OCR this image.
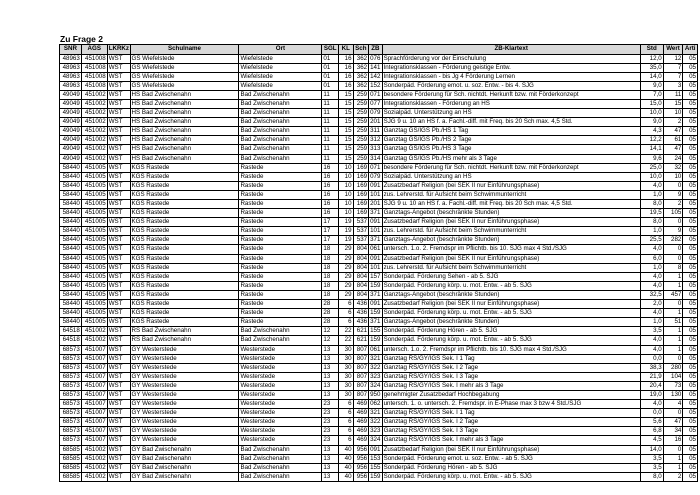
Zu Frage 2
SNR	AGS	LKRKz	Schulname	Ort	SGL	KL	Sch	ZB	ZB-Klartext	Std	Wert	Arti
48963	451008	WST	GS Wiefelstede	Wiefelstede	01	16	362	076	Sprachförderung vor der Einschulung	12,0	12	05
48963	451008	WST	GS Wiefelstede	Wiefelstede	01	16	362	141	Integrationsklassen - Förderung geistige Entw.	35,0	7	05
48963	451008	WST	GS Wiefelstede	Wiefelstede	01	16	362	142	Integrationsklassen - bis Jg 4 Förderung Lernen	14,0	7	05
48963	451008	WST	GS Wiefelstede	Wiefelstede	01	16	362	152	Sonderpäd. Förderung emot. u. soz. Entw. - bis 4. SJG	9,0	3	05
49049	451002	WST	HS Bad Zwischenahn	Bad Zwischenahn	11	15	259	071	besondere Förderung für Sch. nichtdt. Herkunft bzw. mit Förderkonzept	7,0	11	05
49049	451002	WST	HS Bad Zwischenahn	Bad Zwischenahn	11	15	259	077	Integrationsklassen - Förderung an HS	15,0	15	05
49049	451002	WST	HS Bad Zwischenahn	Bad Zwischenahn	11	15	259	079	Sozialpäd. Unterstützung an HS	10,0	10	05
49049	451002	WST	HS Bad Zwischenahn	Bad Zwischenahn	11	15	259	201	SJG 9 u. 10 an HS f. a. Fachl.-diff. mit Freq. bis 20 Sch max. 4,5 Std.	9,0	2	05
49049	451002	WST	HS Bad Zwischenahn	Bad Zwischenahn	11	15	259	311	Ganztag GS/IGS Pb./HS 1 Tag	4,3	47	05
49049	451002	WST	HS Bad Zwischenahn	Bad Zwischenahn	11	15	259	312	Ganztag GS/IGS Pb./HS 2 Tage	12,2	61	05
49049	451002	WST	HS Bad Zwischenahn	Bad Zwischenahn	11	15	259	313	Ganztag GS/IGS Pb./HS 3 Tage	14,1	47	05
49049	451002	WST	HS Bad Zwischenahn	Bad Zwischenahn	11	15	259	314	Ganztag GS/IGS Pb./HS mehr als 3 Tage	9,6	24	05
58440	451005	WST	KGS Rastede	Rastede	16	10	169	071	besondere Förderung für Sch. nichtdt. Herkunft bzw. mit Förderkonzept	25,0	32	05
58440	451005	WST	KGS Rastede	Rastede	16	10	169	079	Sozialpäd. Unterstützung an HS	10,0	10	05
58440	451005	WST	KGS Rastede	Rastede	16	10	169	091	Zusatzbedarf Religion (bei SEK II nur Einführungsphase)	4,0	0	05
58440	451005	WST	KGS Rastede	Rastede	16	10	169	101	zus. Lehrerstd. für Aufsicht beim Schwimmunterricht	1,0	9	05
58440	451005	WST	KGS Rastede	Rastede	16	10	169	201	SJG 9 u. 10 an HS f. a. Fachl.-diff. mit Freq. bis 20 Sch max. 4,5 Std.	8,0	2	05
58440	451005	WST	KGS Rastede	Rastede	16	10	169	371	Ganztags-Angebot (beschränkte Stunden)	19,5	105	05
58440	451005	WST	KGS Rastede	Rastede	17	19	537	091	Zusatzbedarf Religion (bei SEK II nur Einführungsphase)	8,0	0	05
58440	451005	WST	KGS Rastede	Rastede	17	19	537	101	zus. Lehrerstd. für Aufsicht beim Schwimmunterricht	1,0	9	05
58440	451005	WST	KGS Rastede	Rastede	17	19	537	371	Ganztags-Angebot (beschränkte Stunden)	25,5	282	05
58440	451005	WST	KGS Rastede	Rastede	18	29	804	061	untersch. 1.o. 2. Fremdspr im Pflichtb. bis 10. SJG max 4 Std./SJG	4,0	0	05
58440	451005	WST	KGS Rastede	Rastede	18	29	804	091	Zusatzbedarf Religion (bei SEK II nur Einführungsphase)	6,0	0	05
58440	451005	WST	KGS Rastede	Rastede	18	29	804	101	zus. Lehrerstd. für Aufsicht beim Schwimmunterricht	1,0	8	05
58440	451005	WST	KGS Rastede	Rastede	18	29	804	157	Sonderpäd. Förderung Sehen - ab 5. SJG	4,0	1	05
58440	451005	WST	KGS Rastede	Rastede	18	29	804	159	Sonderpäd. Förderung körp. u. mot. Entw. - ab 5. SJG	4,0	1	05
58440	451005	WST	KGS Rastede	Rastede	18	29	804	371	Ganztags-Angebot (beschränkte Stunden)	32,5	457	05
58440	451005	WST	KGS Rastede	Rastede	28	6	436	091	Zusatzbedarf Religion (bei SEK II nur Einführungsphase)	2,0	0	05
58440	451005	WST	KGS Rastede	Rastede	28	6	436	159	Sonderpäd. Förderung körp. u. mot. Entw. - ab 5. SJG	4,0	1	05
58440	451005	WST	KGS Rastede	Rastede	28	6	436	371	Ganztags-Angebot (beschränkte Stunden)	1,0	51	05
64518	451002	WST	RS Bad Zwischenahn	Bad Zwischenahn	12	22	621	155	Sonderpäd. Förderung Hören - ab 5. SJG	3,5	1	05
64518	451002	WST	RS Bad Zwischenahn	Bad Zwischenahn	12	22	621	159	Sonderpäd. Förderung körp. u. mot. Entw. - ab 5. SJG	4,0	1	05
68573	451007	WST	GY Westerstede	Westerstede	13	30	807	061	untersch. 1.o. 2. Fremdspr im Pflichtb. bis 10. SJG max 4 Std./SJG	4,0	1	05
68573	451007	WST	GY Westerstede	Westerstede	13	30	807	321	Ganztag RS/GY/IGS Sek. I 1 Tag	0,0	0	05
68573	451007	WST	GY Westerstede	Westerstede	13	30	807	322	Ganztag RS/GY/IGS Sek. I 2 Tage	38,3	280	05
68573	451007	WST	GY Westerstede	Westerstede	13	30	807	323	Ganztag RS/GY/IGS Sek. I 3 Tage	21,9	104	05
68573	451007	WST	GY Westerstede	Westerstede	13	30	807	324	Ganztag RS/GY/IGS Sek. I mehr als 3 Tage	20,4	73	05
68573	451007	WST	GY Westerstede	Westerstede	13	30	807	950	genehmigter Zusatzbedarf Hochbegabung	19,0	130	05
68573	451007	WST	GY Westerstede	Westerstede	23	6	469	062	untersch. 1. o. untersch. 2. Fremdspr. in E-Phase max 3 bzw 4 Std./SJG	4,0	4	05
68573	451007	WST	GY Westerstede	Westerstede	23	6	469	321	Ganztag RS/GY/IGS Sek. I 1 Tag	0,0	0	05
68573	451007	WST	GY Westerstede	Westerstede	23	6	469	322	Ganztag RS/GY/IGS Sek. I 2 Tage	5,6	47	05
68573	451007	WST	GY Westerstede	Westerstede	23	6	469	323	Ganztag RS/GY/IGS Sek. I 3 Tage	6,8	34	05
68573	451007	WST	GY Westerstede	Westerstede	23	6	469	324	Ganztag RS/GY/IGS Sek. I mehr als 3 Tage	4,5	16	05
68585	451002	WST	GY Bad Zwischenahn	Bad Zwischenahn	13	40	956	091	Zusatzbedarf Religion (bei SEK II nur Einführungsphase)	14,0	0	05
68585	451002	WST	GY Bad Zwischenahn	Bad Zwischenahn	13	40	956	153	Sonderpäd. Förderung emot. u. soz. Entw. - ab 5. SJG	3,5	1	05
68585	451002	WST	GY Bad Zwischenahn	Bad Zwischenahn	13	40	956	155	Sonderpäd. Förderung Hören - ab 5. SJG	3,5	1	05
68585	451002	WST	GY Bad Zwischenahn	Bad Zwischenahn	13	40	956	159	Sonderpäd. Förderung körp. u. mot. Entw. - ab 5. SJG	8,0	2	05
